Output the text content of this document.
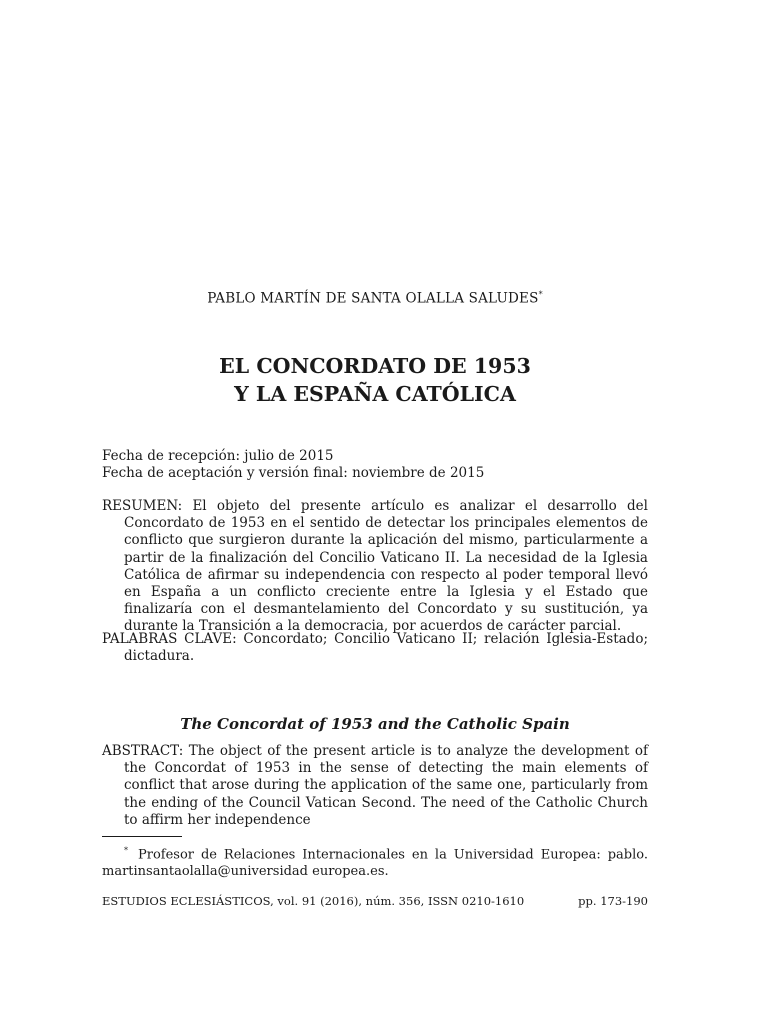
PABLO MARTÍN DE SANTA OLALLA SALUDES*
EL CONCORDATO DE 1953
Y LA ESPAÑA CATÓLICA
Fecha de recepción: julio de 2015
Fecha de aceptación y versión final: noviembre de 2015

RESUMEN: El objeto del presente artículo es analizar el desarrollo del Concordato de 1953 en el sentido de detectar los principales elementos de conflicto que surgieron durante la aplicación del mismo, particularmente a partir de la finalización del Concilio Vaticano II. La necesidad de la Iglesia Católica de afirmar su independencia con respecto al poder temporal llevó en España a un conflicto creciente entre la Iglesia y el Estado que finalizaría con el desmantelamiento del Concordato y su sustitución, ya durante la Transición a la democracia, por acuerdos de carácter parcial.

PALABRAS CLAVE: Concordato; Concilio Vaticano II; relación Iglesia-Estado; dictadura.

The Concordat of 1953 and the Catholic Spain

ABSTRACT: The object of the present article is to analyze the development of the Concordat of 1953 in the sense of detecting the main elements of conflict that arose during the application of the same one, particularly from the ending of the Council Vatican Second. The need of the Catholic Church to affirm her independence

* Profesor de Relaciones Internacionales en la Universidad Europea: pablo. martinsantaolalla@universidad europea.es.

ESTUDIOS ECLESIÁSTICOS, vol. 91 (2016), núm. 356, ISSN 0210-1610	pp. 173-190
